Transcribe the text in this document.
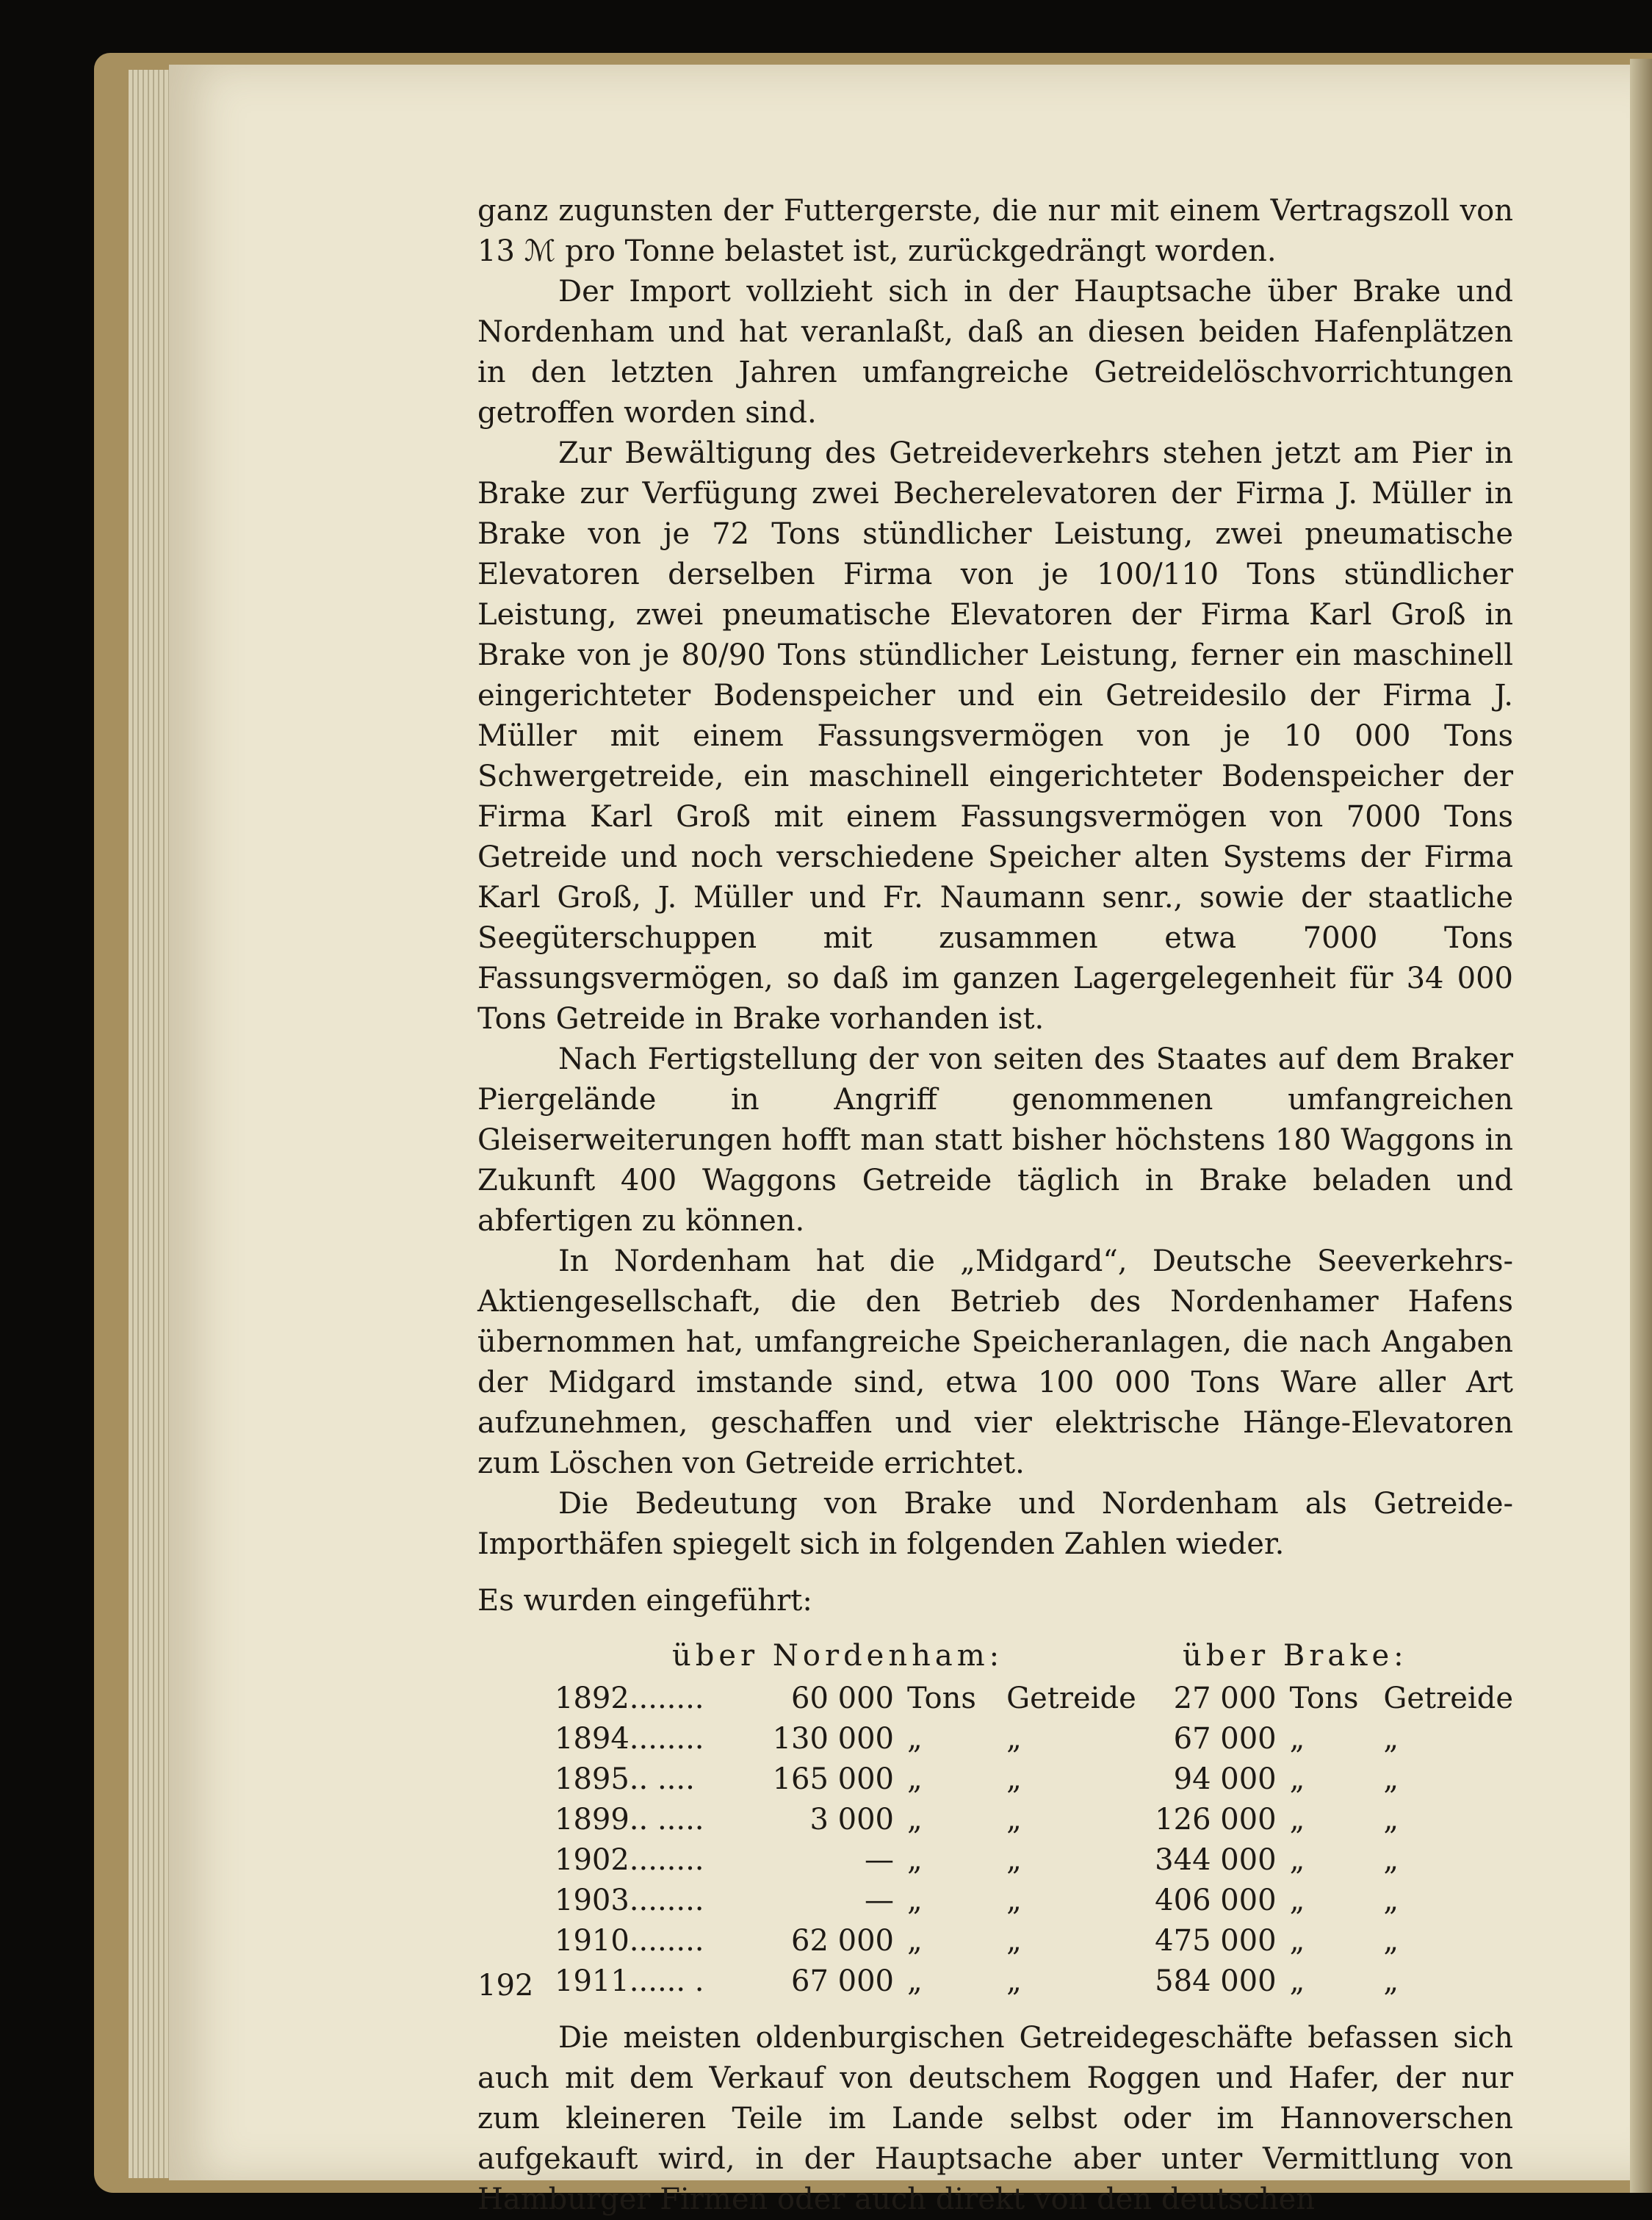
ganz zugunsten der Futtergerste, die nur mit einem Vertragszoll von 13 ℳ pro Tonne belastet ist, zurückgedrängt worden.

Der Import vollzieht sich in der Hauptsache über Brake und Nordenham und hat veranlaßt, daß an diesen beiden Hafenplätzen in den letzten Jahren umfangreiche Getreidelöschvorrichtungen getroffen worden sind.

Zur Bewältigung des Getreideverkehrs stehen jetzt am Pier in Brake zur Verfügung zwei Becherelevatoren der Firma J. Müller in Brake von je 72 Tons stündlicher Leistung, zwei pneumatische Elevatoren derselben Firma von je 100/110 Tons stündlicher Leistung, zwei pneumatische Elevatoren der Firma Karl Groß in Brake von je 80/90 Tons stündlicher Leistung, ferner ein maschinell eingerichteter Bodenspeicher und ein Getreidesilo der Firma J. Müller mit einem Fassungsvermögen von je 10 000 Tons Schwergetreide, ein maschinell eingerichteter Bodenspeicher der Firma Karl Groß mit einem Fassungsvermögen von 7000 Tons Getreide und noch verschiedene Speicher alten Systems der Firma Karl Groß, J. Müller und Fr. Naumann senr., sowie der staatliche Seegüterschuppen mit zusammen etwa 7000 Tons Fassungsvermögen, so daß im ganzen Lagergelegenheit für 34 000 Tons Getreide in Brake vorhanden ist.

Nach Fertigstellung der von seiten des Staates auf dem Braker Piergelände in Angriff genommenen umfangreichen Gleiserweiterungen hofft man statt bisher höchstens 180 Waggons in Zukunft 400 Waggons Getreide täglich in Brake beladen und abfertigen zu können.

In Nordenham hat die „Midgard“, Deutsche Seeverkehrs-Aktiengesellschaft, die den Betrieb des Nordenhamer Hafens übernommen hat, umfangreiche Speicheranlagen, die nach Angaben der Midgard imstande sind, etwa 100 000 Tons Ware aller Art aufzunehmen, geschaffen und vier elektrische Hänge-Elevatoren zum Löschen von Getreide errichtet.

Die Bedeutung von Brake und Nordenham als Getreide-Importhäfen spiegelt sich in folgenden Zahlen wieder.

Es wurden eingeführt:

über Nordenham:	über Brake:
1892........	60 000	Tons	Getreide	27 000	Tons	Getreide
1894........	130 000	„	„	67 000	„	„
1895.. ....	165 000	„	„	94 000	„	„
1899.. .....	3 000	„	„	126 000	„	„
1902........	—	„	„	344 000	„	„
1903........	—	„	„	406 000	„	„
1910........	62 000	„	„	475 000	„	„
1911...... .	67 000	„	„	584 000	„	„

Die meisten oldenburgischen Getreidegeschäfte befassen sich auch mit dem Verkauf von deutschem Roggen und Hafer, der nur zum kleineren Teile im Lande selbst oder im Hannoverschen aufgekauft wird, in der Hauptsache aber unter Vermittlung von Hamburger Firmen oder auch direkt von den deutschen

192
